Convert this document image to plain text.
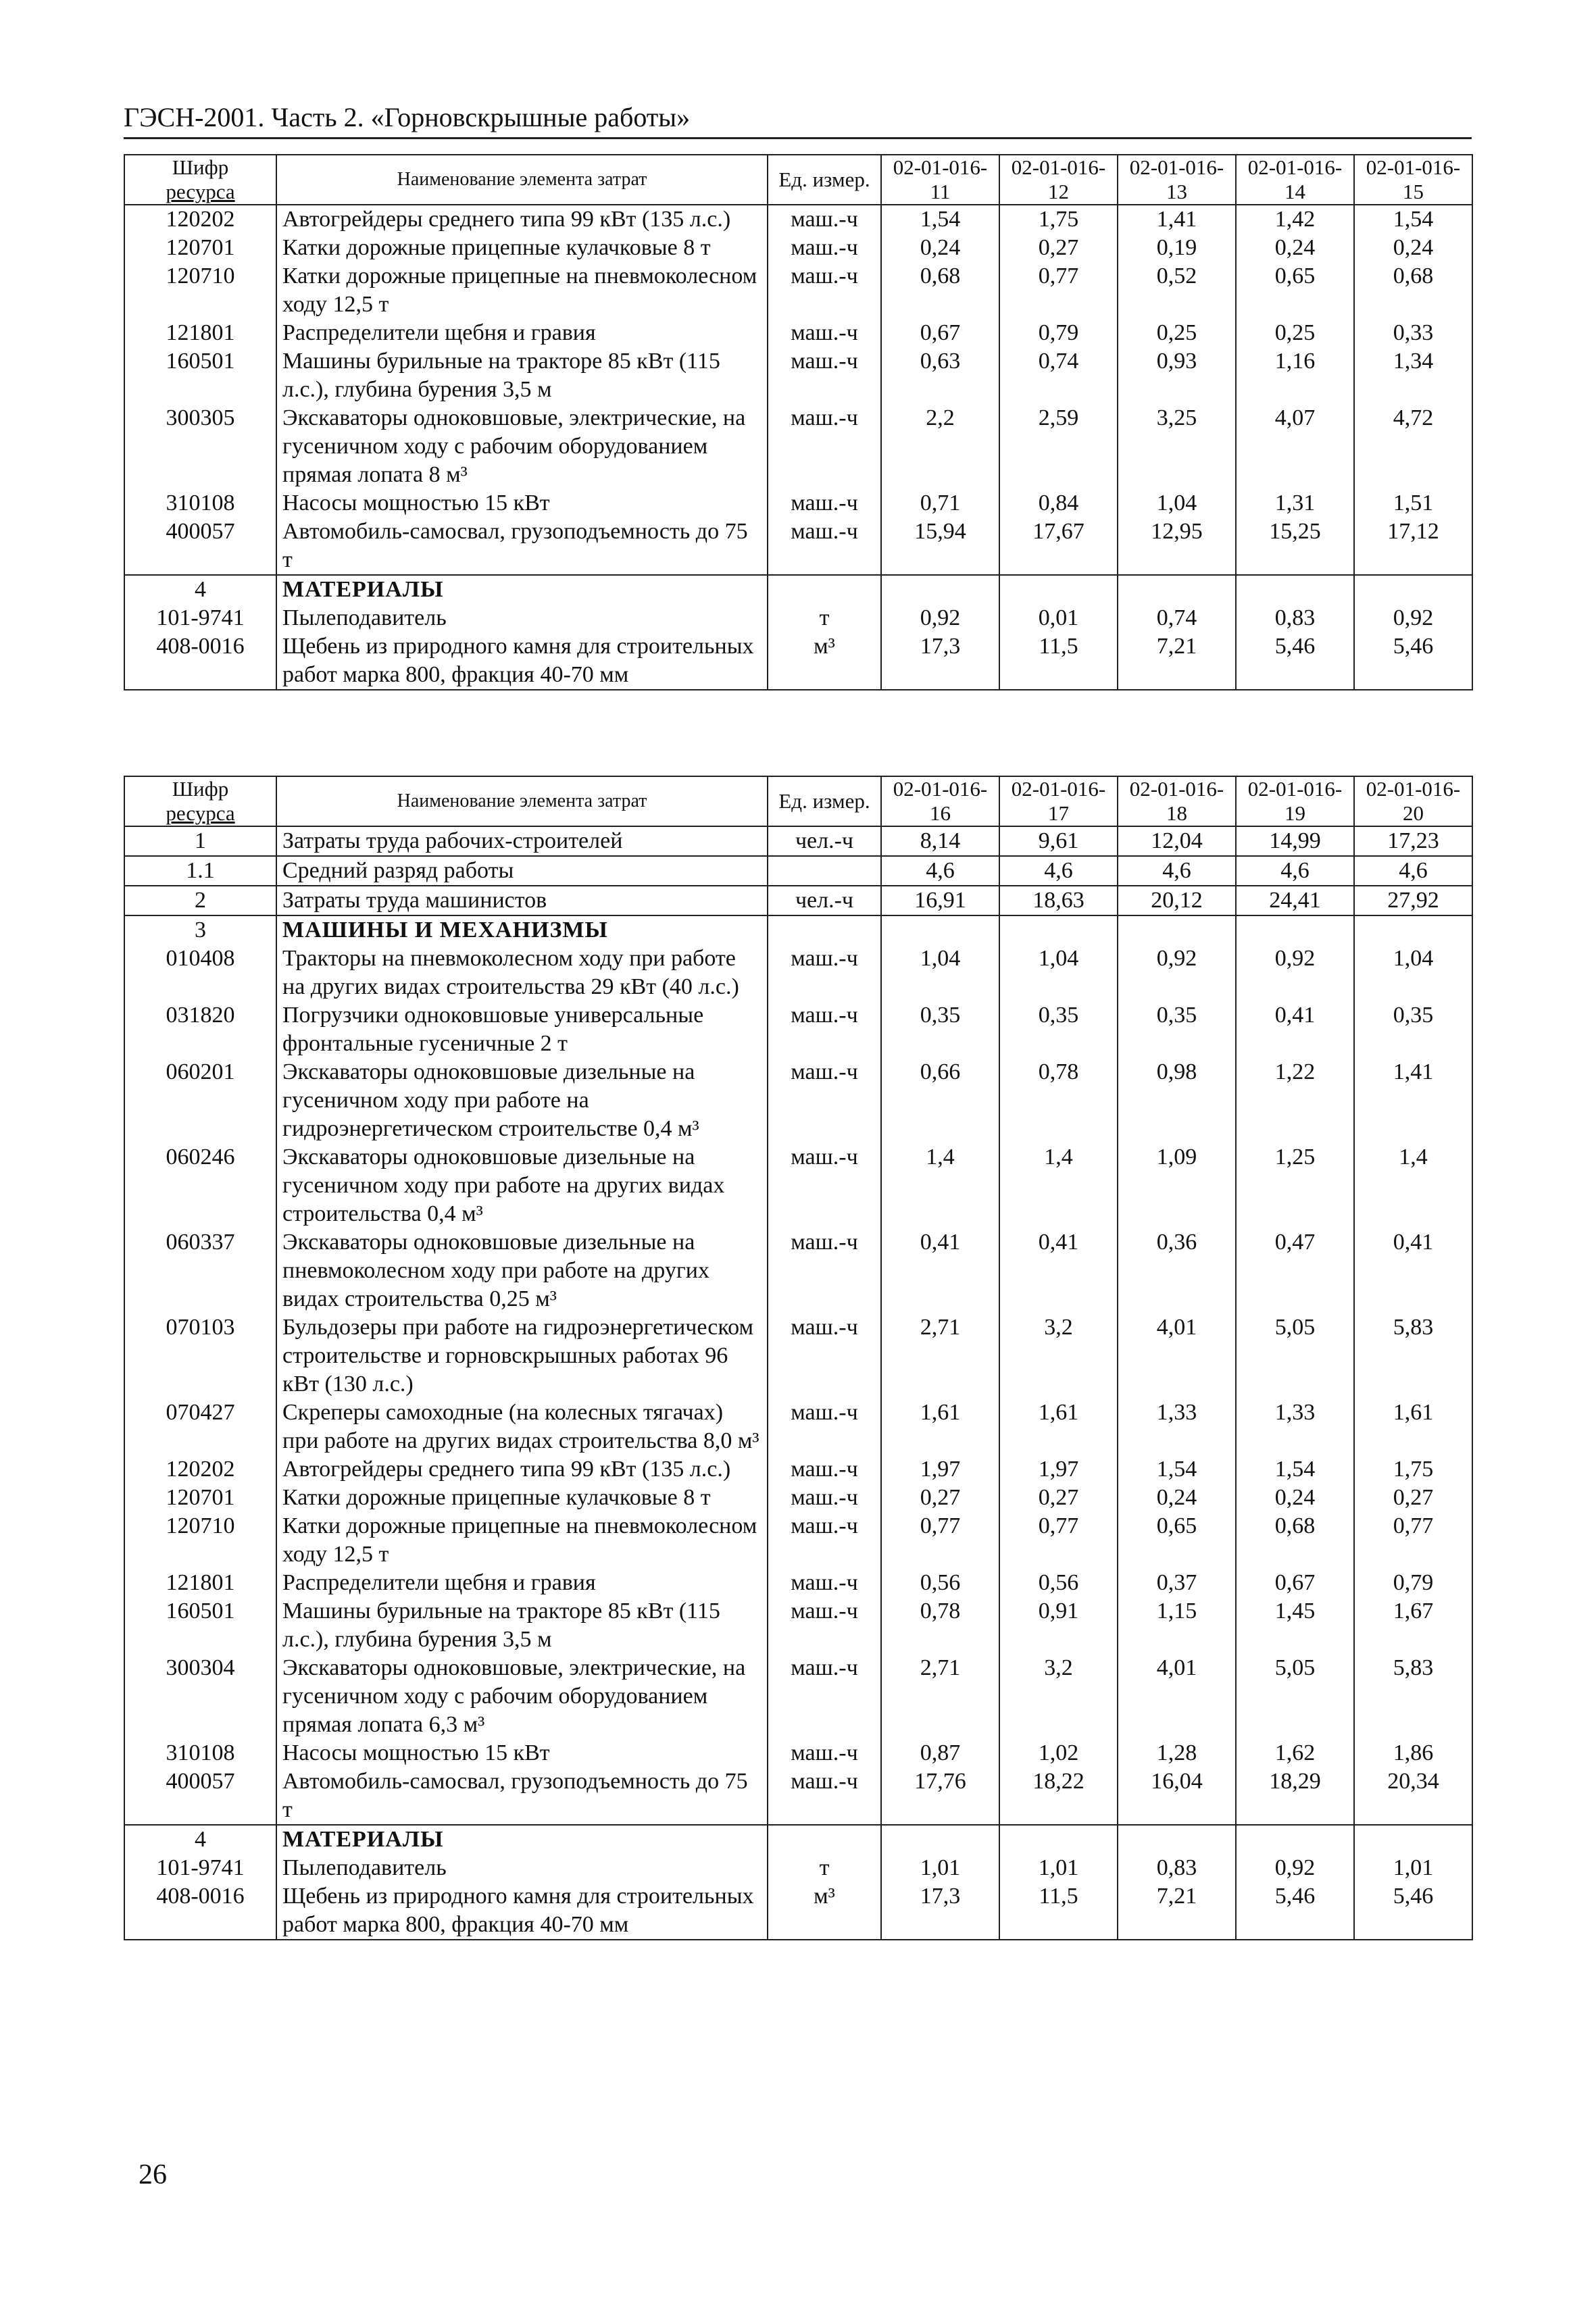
ГЭСН-2001. Часть 2. «Горновскрышные работы»
Шифр
ресурса	Наименование элемента затрат	Ед. измер.	02-01-016-11	02-01-016-12	02-01-016-13	02-01-016-14	02-01-016-15
120202	Автогрейдеры среднего типа 99 кВт (135 л.с.)	маш.-ч	1,54	1,75	1,41	1,42	1,54
120701	Катки дорожные прицепные кулачковые 8 т	маш.-ч	0,24	0,27	0,19	0,24	0,24
120710	Катки дорожные прицепные на пневмоколесном ходу 12,5 т	маш.-ч	0,68	0,77	0,52	0,65	0,68
121801	Распределители щебня и гравия	маш.-ч	0,67	0,79	0,25	0,25	0,33
160501	Машины бурильные на тракторе 85 кВт (115 л.с.), глубина бурения 3,5 м	маш.-ч	0,63	0,74	0,93	1,16	1,34
300305	Экскаваторы одноковшовые, электрические, на гусеничном ходу с рабочим оборудованием прямая лопата 8 м³	маш.-ч	2,2	2,59	3,25	4,07	4,72
310108	Насосы мощностью 15 кВт	маш.-ч	0,71	0,84	1,04	1,31	1,51
400057	Автомобиль-самосвал, грузоподъемность до 75 т	маш.-ч	15,94	17,67	12,95	15,25	17,12
4	МАТЕРИАЛЫ						
101-9741	Пылеподавитель	т	0,92	0,01	0,74	0,83	0,92
408-0016	Щебень из природного камня для строительных работ марка 800, фракция 40-70 мм	м³	17,3	11,5	7,21	5,46	5,46
Шифр
ресурса	Наименование элемента затрат	Ед. измер.	02-01-016-16	02-01-016-17	02-01-016-18	02-01-016-19	02-01-016-20
1	Затраты труда рабочих-строителей	чел.-ч	8,14	9,61	12,04	14,99	17,23
1.1	Средний разряд работы		4,6	4,6	4,6	4,6	4,6
2	Затраты труда машинистов	чел.-ч	16,91	18,63	20,12	24,41	27,92
3	МАШИНЫ И МЕХАНИЗМЫ						
010408	Тракторы на пневмоколесном ходу при работе на других видах строительства 29 кВт (40 л.с.)	маш.-ч	1,04	1,04	0,92	0,92	1,04
031820	Погрузчики одноковшовые универсальные фронтальные гусеничные 2 т	маш.-ч	0,35	0,35	0,35	0,41	0,35
060201	Экскаваторы одноковшовые дизельные на гусеничном ходу при работе на гидроэнергетическом строительстве 0,4 м³	маш.-ч	0,66	0,78	0,98	1,22	1,41
060246	Экскаваторы одноковшовые дизельные на гусеничном ходу при работе на других видах строительства 0,4 м³	маш.-ч	1,4	1,4	1,09	1,25	1,4
060337	Экскаваторы одноковшовые дизельные на пневмоколесном ходу при работе на других видах строительства 0,25 м³	маш.-ч	0,41	0,41	0,36	0,47	0,41
070103	Бульдозеры при работе на гидроэнергетическом строительстве и горновскрышных работах 96 кВт (130 л.с.)	маш.-ч	2,71	3,2	4,01	5,05	5,83
070427	Скреперы самоходные (на колесных тягачах) при работе на других видах строительства 8,0 м³	маш.-ч	1,61	1,61	1,33	1,33	1,61
120202	Автогрейдеры среднего типа 99 кВт (135 л.с.)	маш.-ч	1,97	1,97	1,54	1,54	1,75
120701	Катки дорожные прицепные кулачковые 8 т	маш.-ч	0,27	0,27	0,24	0,24	0,27
120710	Катки дорожные прицепные на пневмоколесном ходу 12,5 т	маш.-ч	0,77	0,77	0,65	0,68	0,77
121801	Распределители щебня и гравия	маш.-ч	0,56	0,56	0,37	0,67	0,79
160501	Машины бурильные на тракторе 85 кВт (115 л.с.), глубина бурения 3,5 м	маш.-ч	0,78	0,91	1,15	1,45	1,67
300304	Экскаваторы одноковшовые, электрические, на гусеничном ходу с рабочим оборудованием прямая лопата 6,3 м³	маш.-ч	2,71	3,2	4,01	5,05	5,83
310108	Насосы мощностью 15 кВт	маш.-ч	0,87	1,02	1,28	1,62	1,86
400057	Автомобиль-самосвал, грузоподъемность до 75 т	маш.-ч	17,76	18,22	16,04	18,29	20,34
4	МАТЕРИАЛЫ						
101-9741	Пылеподавитель	т	1,01	1,01	0,83	0,92	1,01
408-0016	Щебень из природного камня для строительных работ марка 800, фракция 40-70 мм	м³	17,3	11,5	7,21	5,46	5,46
26
